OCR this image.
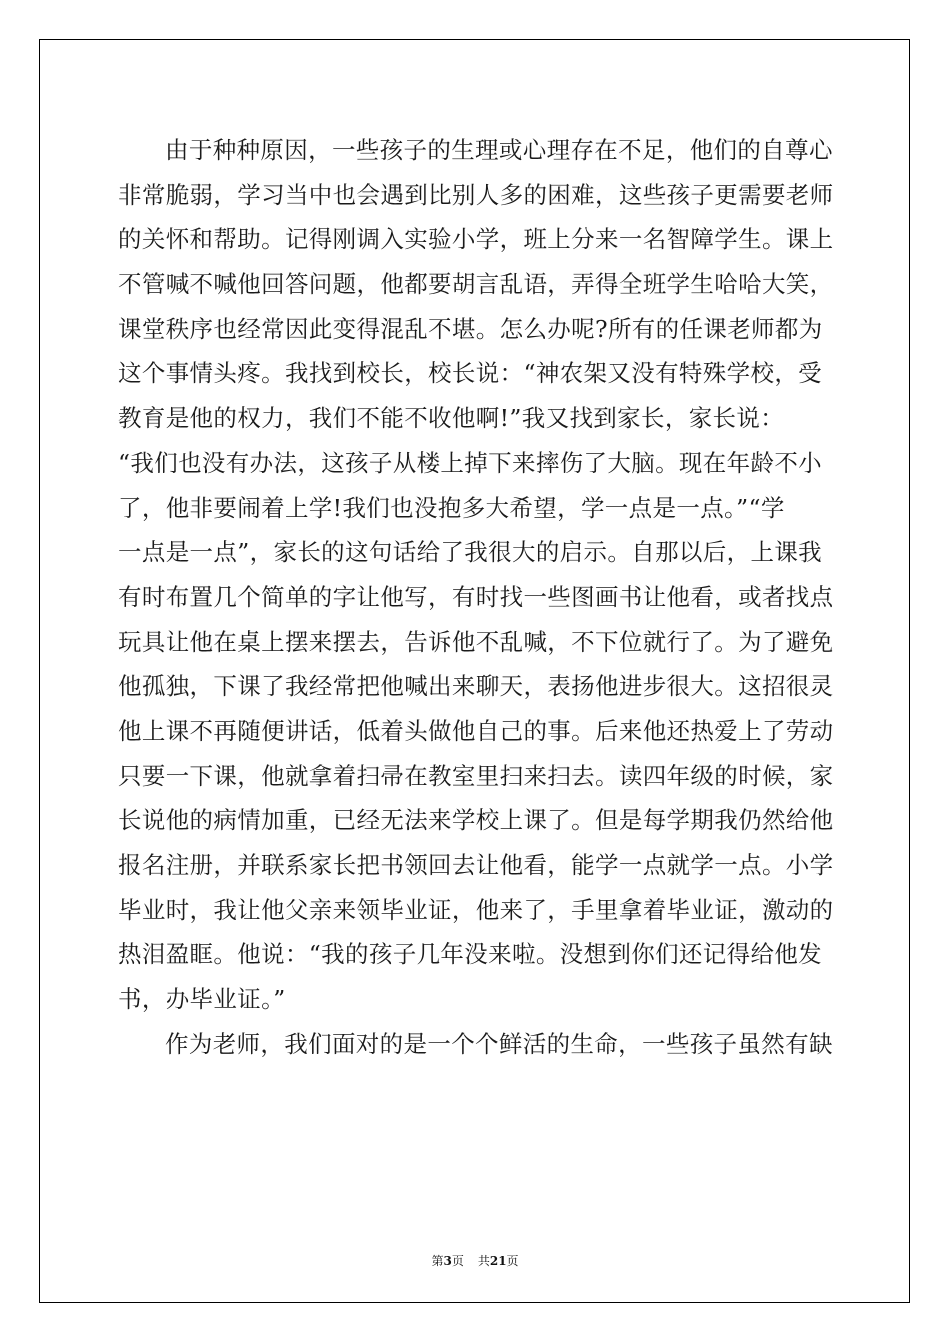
由于种种原因，一些孩子的生理或心理存在不足，他们的自尊心
非常脆弱，学习当中也会遇到比别人多的困难，这些孩子更需要老师
的关怀和帮助。记得刚调入实验小学，班上分来一名智障学生。课上
不管喊不喊他回答问题，他都要胡言乱语，弄得全班学生哈哈大笑，
课堂秩序也经常因此变得混乱不堪。怎么办呢?所有的任课老师都为
这个事情头疼。我找到校长，校长说：“神农架又没有特殊学校，受
教育是他的权力，我们不能不收他啊!”我又找到家长，家长说：
“我们也没有办法，这孩子从楼上掉下来摔伤了大脑。现在年龄不小
了，他非要闹着上学!我们也没抱多大希望，学一点是一点。”“学
一点是一点”，家长的这句话给了我很大的启示。自那以后，上课我
有时布置几个简单的字让他写，有时找一些图画书让他看，或者找点
玩具让他在桌上摆来摆去，告诉他不乱喊，不下位就行了。为了避免
他孤独，下课了我经常把他喊出来聊天，表扬他进步很大。这招很灵
他上课不再随便讲话，低着头做他自己的事。后来他还热爱上了劳动
只要一下课，他就拿着扫帚在教室里扫来扫去。读四年级的时候，家
长说他的病情加重，已经无法来学校上课了。但是每学期我仍然给他
报名注册，并联系家长把书领回去让他看，能学一点就学一点。小学
毕业时，我让他父亲来领毕业证，他来了，手里拿着毕业证，激动的
热泪盈眶。他说：“我的孩子几年没来啦。没想到你们还记得给他发
书，办毕业证。”
作为老师，我们面对的是一个个鲜活的生命，一些孩子虽然有缺
第3页 共21页
